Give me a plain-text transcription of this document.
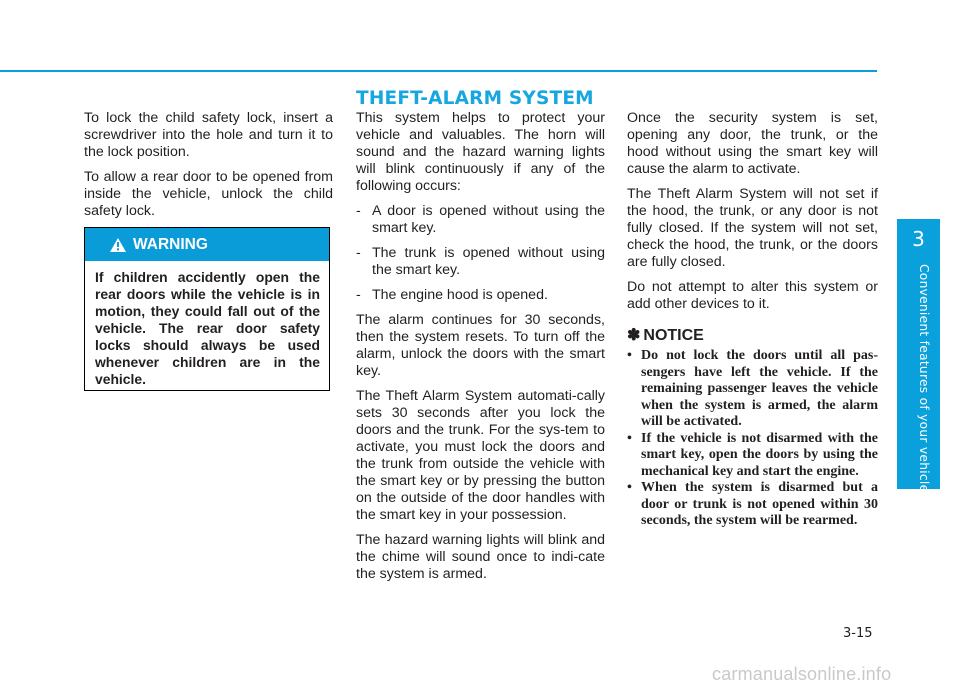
THEFT-ALARM SYSTEM

To lock the child safety lock, insert a screwdriver into the hole and turn it to the lock position.

To allow a rear door to be opened from inside the vehicle, unlock the child safety lock.

WARNING
If children accidently open the rear doors while the vehicle is in motion, they could fall out of the vehicle. The rear door safety locks should always be used whenever children are in the vehicle.

This system helps to protect your vehicle and valuables. The horn will sound and the hazard warning lights will blink continuously if any of the following occurs:

- A door is opened without using the smart key.
- The trunk is opened without using the smart key.
- The engine hood is opened.

The alarm continues for 30 seconds, then the system resets. To turn off the alarm, unlock the doors with the smart key.

The Theft Alarm System automati-cally sets 30 seconds after you lock the doors and the trunk. For the sys-tem to activate, you must lock the doors and the trunk from outside the vehicle with the smart key or by pressing the button on the outside of the door handles with the smart key in your possession.

The hazard warning lights will blink and the chime will sound once to indi-cate the system is armed.

Once the security system is set, opening any door, the trunk, or the hood without using the smart key will cause the alarm to activate.

The Theft Alarm System will not set if the hood, the trunk, or any door is not fully closed. If the system will not set, check the hood, the trunk, or the doors are fully closed.

Do not attempt to alter this system or add other devices to it.

✽ NOTICE
• Do not lock the doors until all pas-sengers have left the vehicle. If the remaining passenger leaves the vehicle when the system is armed, the alarm will be activated.
• If the vehicle is not disarmed with the smart key, open the doors by using the mechanical key and start the engine.
• When the system is disarmed but a door or trunk is not opened within 30 seconds, the system will be rearmed.
3
Convenient features of your vehicle
3-15
carmanualsonline.info
